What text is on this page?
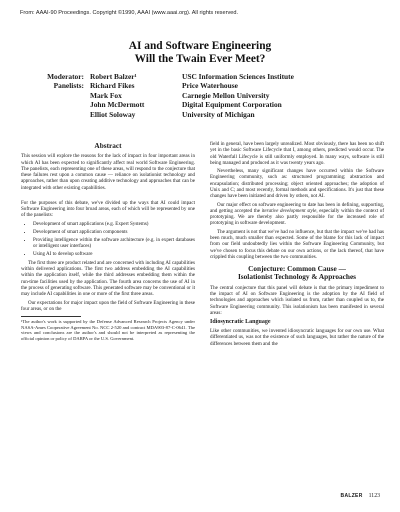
From: AAAI-90 Proceedings. Copyright ©1990, AAAI (www.aaai.org). All rights reserved.
AI and Software Engineering
Will the Twain Ever Meet?
Moderator: Robert Balzer¹	USC Information Sciences Institute
Panelists: Richard Fikes	Price Waterhouse
Mark Fox	Carnegie Mellon University
John McDermott	Digital Equipment Corporation
Elliot Soloway	University of Michigan
Abstract

This session will explore the reasons for the lack of impact in four important areas in which AI has been expected to significantly affect real world Software Engineering. The panelists, each representing one of these areas, will respond to the conjecture that these failures rest upon a common cause — reliance on isolationist technology and approaches, rather than upon creating additive technology and approaches that can be integrated with other existing capabilities.

For the purposes of this debate, we've divided up the ways that AI could impact Software Engineering into four broad areas, each of which will be represented by one of the panelists:

• Development of smart applications (e.g. Expert Systems)
• Development of smart application components
• Providing intelligence within the software architecture (e.g. in expert databases or intelligent user interfaces)
• Using AI to develop software

The first three are product related and are concerned with including AI capabilities within delivered applications. The first two address embedding the AI capabilities within the application itself, while the third addresses embedding them within the run-time facilities used by the application. The fourth area concerns the use of AI in the process of generating software. This generated software may be conventional or it may include AI capabilities in one or more of the first three areas.

Our expectations for major impact upon the field of Software Engineering in these four areas, or on the

¹The author's work is supported by the Defense Advanced Research Projects Agency under NASA-Ames Cooperative Agreement No. NCC 2-520 and contract MDA903-87-C-0641. The views and conclusions are the author's and should not be interpreted as representing the official opinion or policy of DARPA or the U.S. Government.

field in general, have been largely unrealized. Most obviously, there has been no shift yet in the basic Software Lifecycle that I, among others, predicted would occur. The old Waterfall Lifecycle is still uniformly employed. In many ways, software is still being managed and produced as it was twenty years ago.

Nevertheless, many significant changes have occurred within the Software Engineering community, such as: structured programming; abstraction and encapsulation; distributed processing; object oriented approaches; the adoption of Unix and C; and most recently, formal methods and specifications. It's just that these changes have been initiated and driven by others, not AI.

Our major effect on software engineering to date has been in defining, supporting, and getting accepted the iterative development style, especially within the context of prototyping. We are thereby also partly responsible for the increased role of prototyping in software development.

The argument is not that we've had no influence, but that the impact we've had has been much, much smaller than expected. Some of the blame for this lack of impact from our field undoubtedly lies within the Software Engineering Community, but we've chosen to focus this debate on our own actions, or the lack thereof, that have crippled this coupling between the two communities.

Conjecture: Common Cause —
Isolationist Technology & Approaches

The central conjecture that this panel will debate is that the primary impediment to the impact of AI on Software Engineering is the adoption by the AI field of technologies and approaches which isolated us from, rather than coupled us to, the Software Engineering community. This isolationism has been manifested in several areas:

Idiosyncratic Language

Like other communities, we invented idiosyncratic languages for our own use. What differentiated us, was not the existence of such languages, but rather the nature of the differences between them and the

BALZER 1123
